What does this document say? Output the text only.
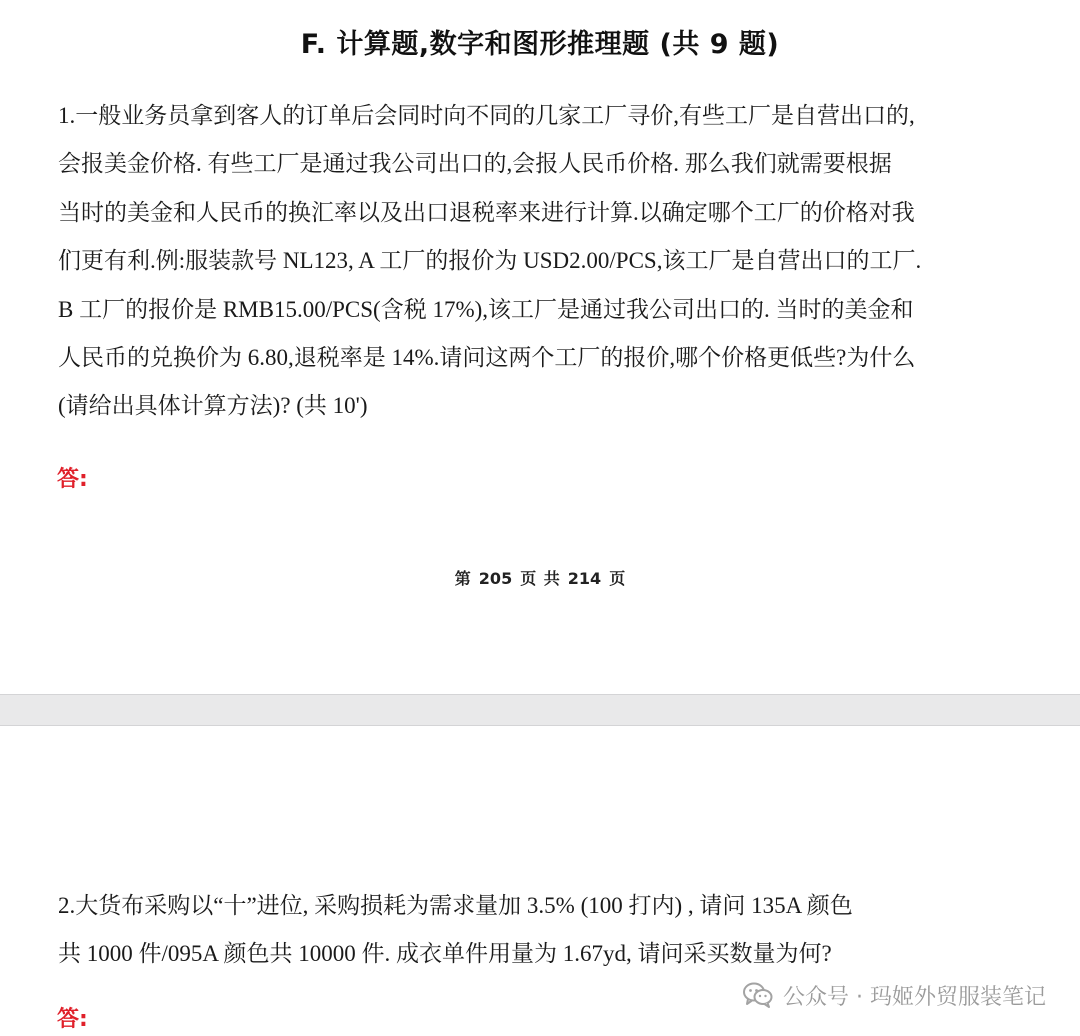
F. 计算题,数字和图形推理题 (共 9 题)
1.一般业务员拿到客人的订单后会同时向不同的几家工厂寻价,有些工厂是自营出口的,
会报美金价格. 有些工厂是通过我公司出口的,会报人民币价格. 那么我们就需要根据
当时的美金和人民币的换汇率以及出口退税率来进行计算.以确定哪个工厂的价格对我
们更有利.例:服装款号 NL123, A 工厂的报价为 USD2.00/PCS,该工厂是自营出口的工厂.
B 工厂的报价是 RMB15.00/PCS(含税 17%),该工厂是通过我公司出口的. 当时的美金和
人民币的兑换价为 6.80,退税率是 14%.请问这两个工厂的报价,哪个价格更低些?为什么
(请给出具体计算方法)? (共 10')
答:
第 205 页 共 214 页
2.大货布采购以“十”进位, 采购损耗为需求量加 3.5% (100 打内) , 请问 135A 颜色
共 1000 件/095A 颜色共 10000 件. 成衣单件用量为 1.67yd, 请问采买数量为何?
答:
公众号 · 玛姬外贸服装笔记
